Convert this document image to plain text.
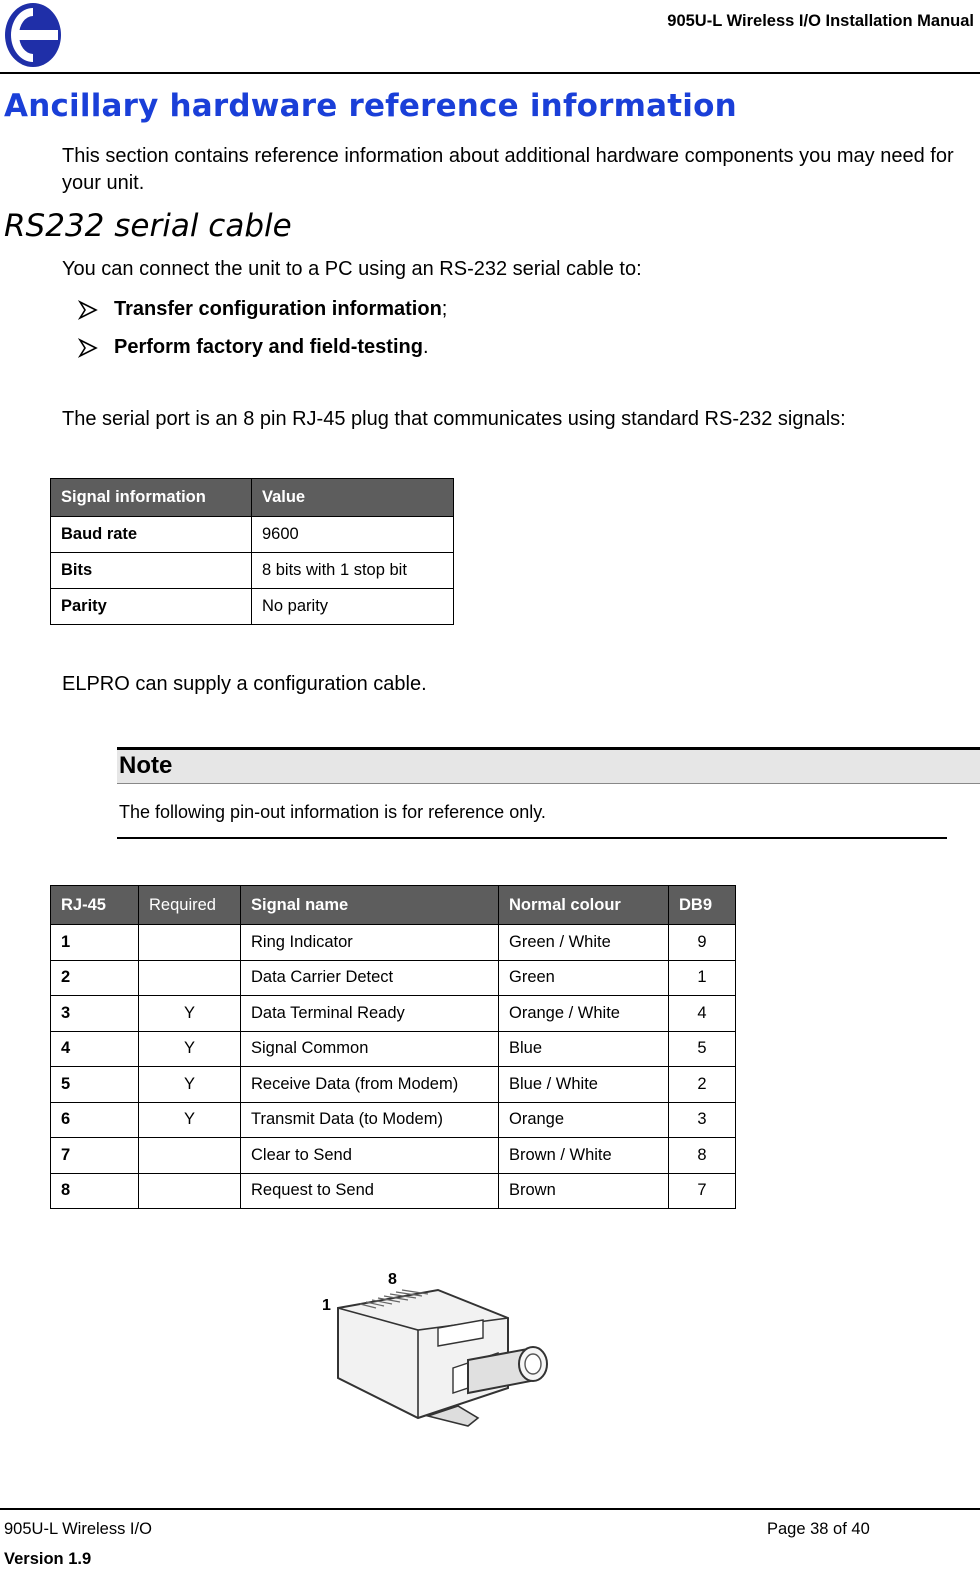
905U-L Wireless I/O Installation Manual
Ancillary hardware reference information
This section contains reference information about additional hardware components you may need for your unit.
RS232 serial cable
You can connect the unit to a PC using an RS-232 serial cable to:
Transfer configuration information;
Perform factory and field-testing.
The serial port is an 8 pin RJ-45 plug that communicates using standard RS-232 signals:
Signal information	Value
Baud rate	9600
Bits	8 bits with 1 stop bit
Parity	No parity
ELPRO can supply a configuration cable.
Note
The following pin-out information is for reference only.
RJ-45	Required	Signal name	Normal colour	DB9
1		Ring Indicator	Green / White	9
2		Data Carrier Detect	Green	1
3	Y	Data Terminal Ready	Orange / White	4
4	Y	Signal Common	Blue	5
5	Y	Receive Data (from Modem)	Blue / White	2
6	Y	Transmit Data (to Modem)	Orange	3
7		Clear to Send	Brown / White	8
8		Request to Send	Brown	7
1
8
905U-L Wireless I/O	Page 38 of 40
Version 1.9
